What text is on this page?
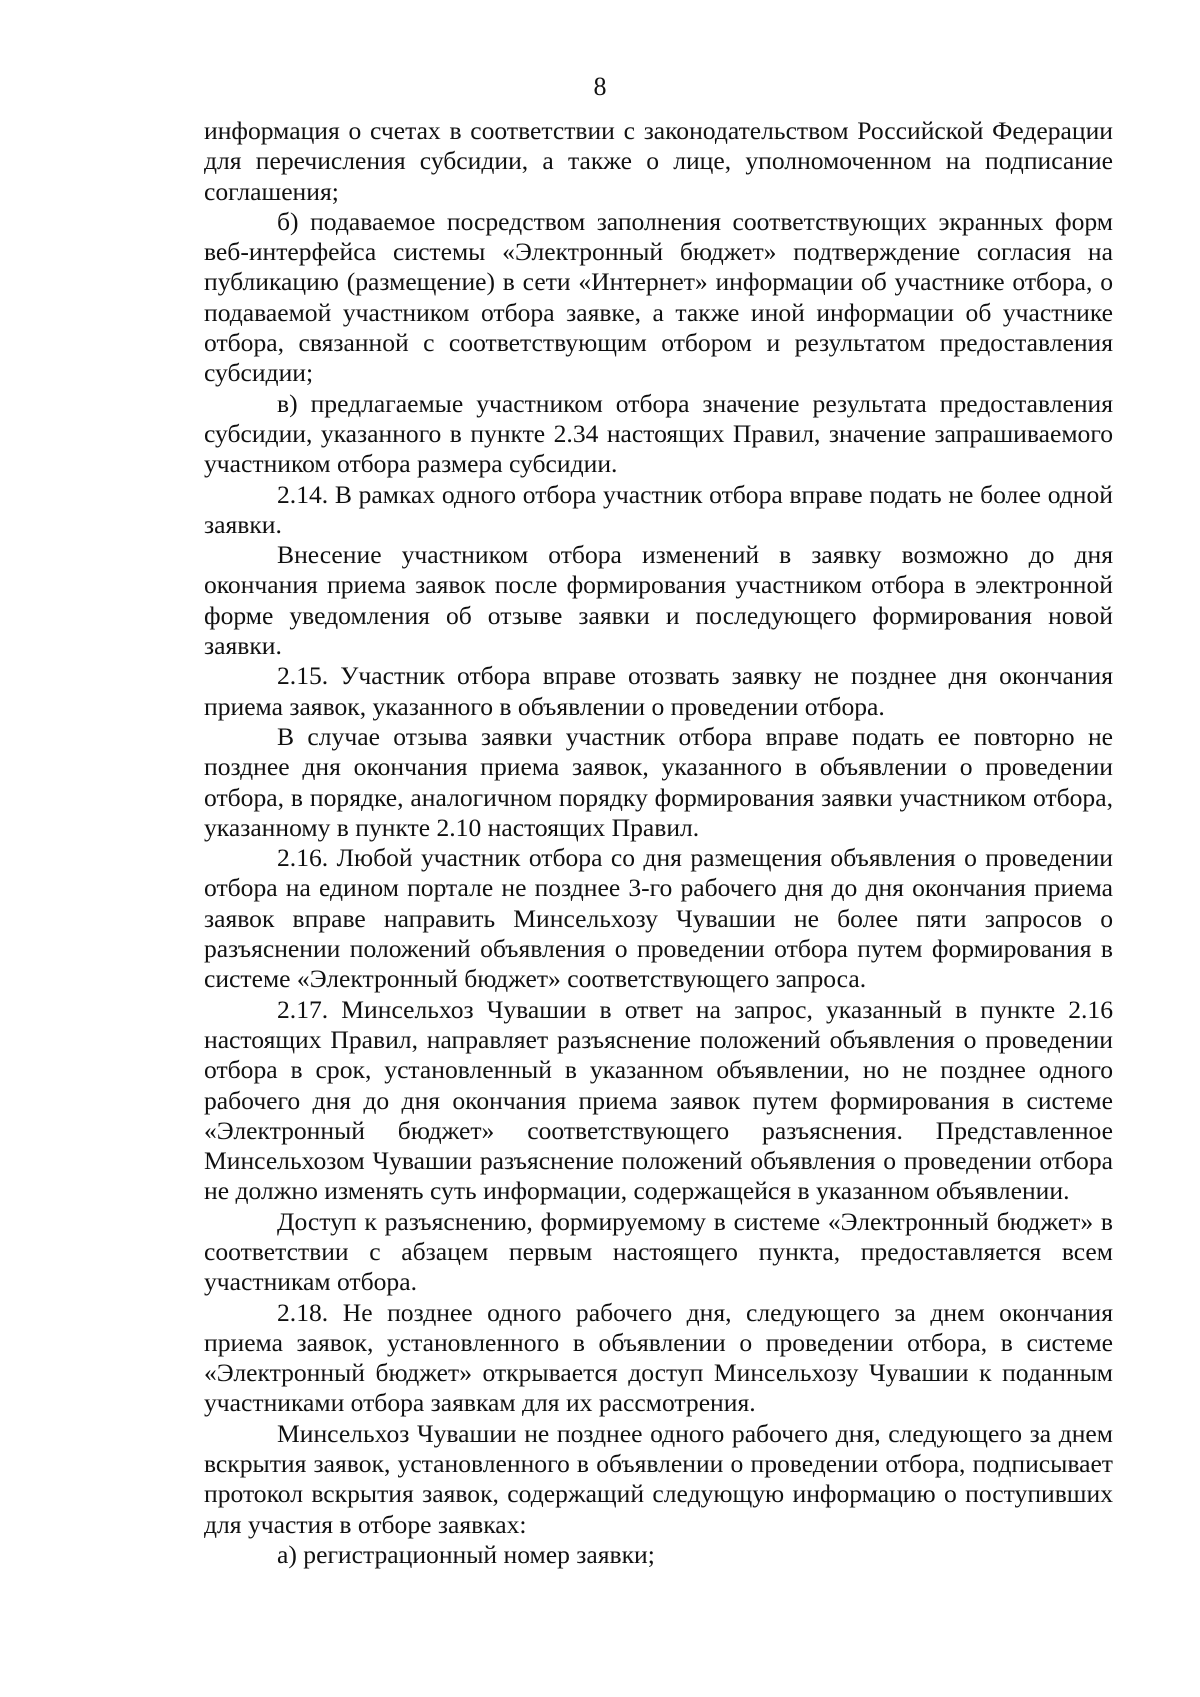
8

информация о счетах в соответствии с законодательством Российской Федерации для перечисления субсидии, а также о лице, уполномоченном на подписание соглашения;

б) подаваемое посредством заполнения соответствующих экранных форм веб-интерфейса системы «Электронный бюджет» подтверждение согласия на публикацию (размещение) в сети «Интернет» информации об участнике отбора, о подаваемой участником отбора заявке, а также иной информации об участнике отбора, связанной с соответствующим отбором и результатом предоставления субсидии;

в) предлагаемые участником отбора значение результата предоставления субсидии, указанного в пункте 2.34 настоящих Правил, значение запрашиваемого участником отбора размера субсидии.

2.14. В рамках одного отбора участник отбора вправе подать не более одной заявки.

Внесение участником отбора изменений в заявку возможно до дня окончания приема заявок после формирования участником отбора в электронной форме уведомления об отзыве заявки и последующего формирования новой заявки.

2.15. Участник отбора вправе отозвать заявку не позднее дня окончания приема заявок, указанного в объявлении о проведении отбора.

В случае отзыва заявки участник отбора вправе подать ее повторно не позднее дня окончания приема заявок, указанного в объявлении о проведении отбора, в порядке, аналогичном порядку формирования заявки участником отбора, указанному в пункте 2.10 настоящих Правил.

2.16. Любой участник отбора со дня размещения объявления о проведении отбора на едином портале не позднее 3-го рабочего дня до дня окончания приема заявок вправе направить Минсельхозу Чувашии не более пяти запросов о разъяснении положений объявления о проведении отбора путем формирования в системе «Электронный бюджет» соответствующего запроса.

2.17. Минсельхоз Чувашии в ответ на запрос, указанный в пункте 2.16 настоящих Правил, направляет разъяснение положений объявления о проведении отбора в срок, установленный в указанном объявлении, но не позднее одного рабочего дня до дня окончания приема заявок путем формирования в системе «Электронный бюджет» соответствующего разъяснения. Представленное Минсельхозом Чувашии разъяснение положений объявления о проведении отбора не должно изменять суть информации, содержащейся в указанном объявлении.

Доступ к разъяснению, формируемому в системе «Электронный бюджет» в соответствии с абзацем первым настоящего пункта, предоставляется всем участникам отбора.

2.18. Не позднее одного рабочего дня, следующего за днем окончания приема заявок, установленного в объявлении о проведении отбора, в системе «Электронный бюджет» открывается доступ Минсельхозу Чувашии к поданным участниками отбора заявкам для их рассмотрения.

Минсельхоз Чувашии не позднее одного рабочего дня, следующего за днем вскрытия заявок, установленного в объявлении о проведении отбора, подписывает протокол вскрытия заявок, содержащий следующую информацию о поступивших для участия в отборе заявках:

а) регистрационный номер заявки;
